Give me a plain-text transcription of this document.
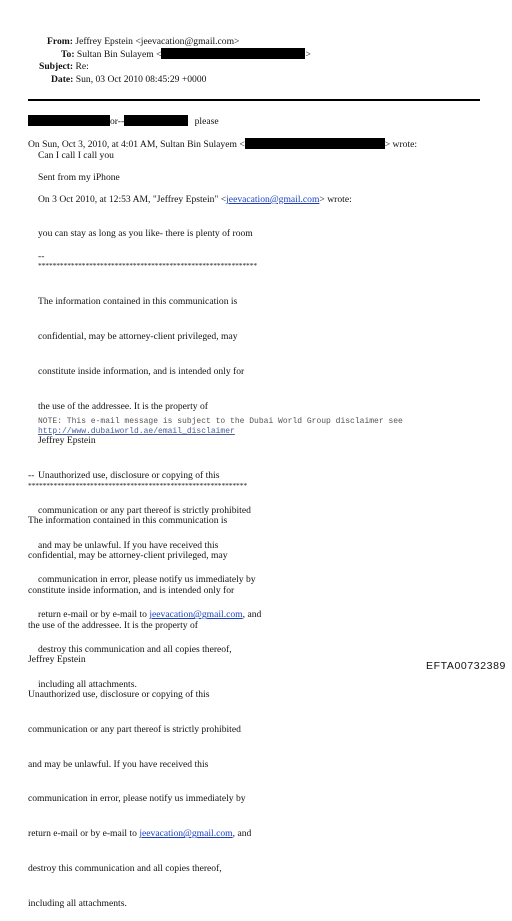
From: Jeffrey Epstein <jeevacation@gmail.com>
To: Sultan Bin Sulayem <	>
Subject: Re:
Date: Sun, 03 Oct 2010 08:45:29 +0000
or--	please
On Sun, Oct 3, 2010, at 4:01 AM, Sultan Bin Sulayem <	> wrote:
Can I call I call you
Sent from my iPhone
On 3 Oct 2010, at 12:53 AM, "Jeffrey Epstein" <jeevacation@gmail.com> wrote:
you can stay as long as you like- there is plenty of room
--
************************************************************

The information contained in this communication is

confidential, may be attorney-client privileged, may

constitute inside information, and is intended only for

the use of the addressee. It is the property of

Jeffrey Epstein

Unauthorized use, disclosure or copying of this

communication or any part thereof is strictly prohibited

and may be unlawful. If you have received this

communication in error, please notify us immediately by

return e-mail or by e-mail to jeevacation@gmail.com, and

destroy this communication and all copies thereof,

including all attachments.

NOTE: This e-mail message is subject to the Dubai World Group disclaimer see
http://www.dubaiworld.ae/email_disclaimer
--
************************************************************

The information contained in this communication is

confidential, may be attorney-client privileged, may

constitute inside information, and is intended only for

the use of the addressee. It is the property of

Jeffrey Epstein

Unauthorized use, disclosure or copying of this

communication or any part thereof is strictly prohibited

and may be unlawful. If you have received this

communication in error, please notify us immediately by

return e-mail or by e-mail to jeevacation@gmail.com, and

destroy this communication and all copies thereof,

including all attachments.

EFTA00732389
